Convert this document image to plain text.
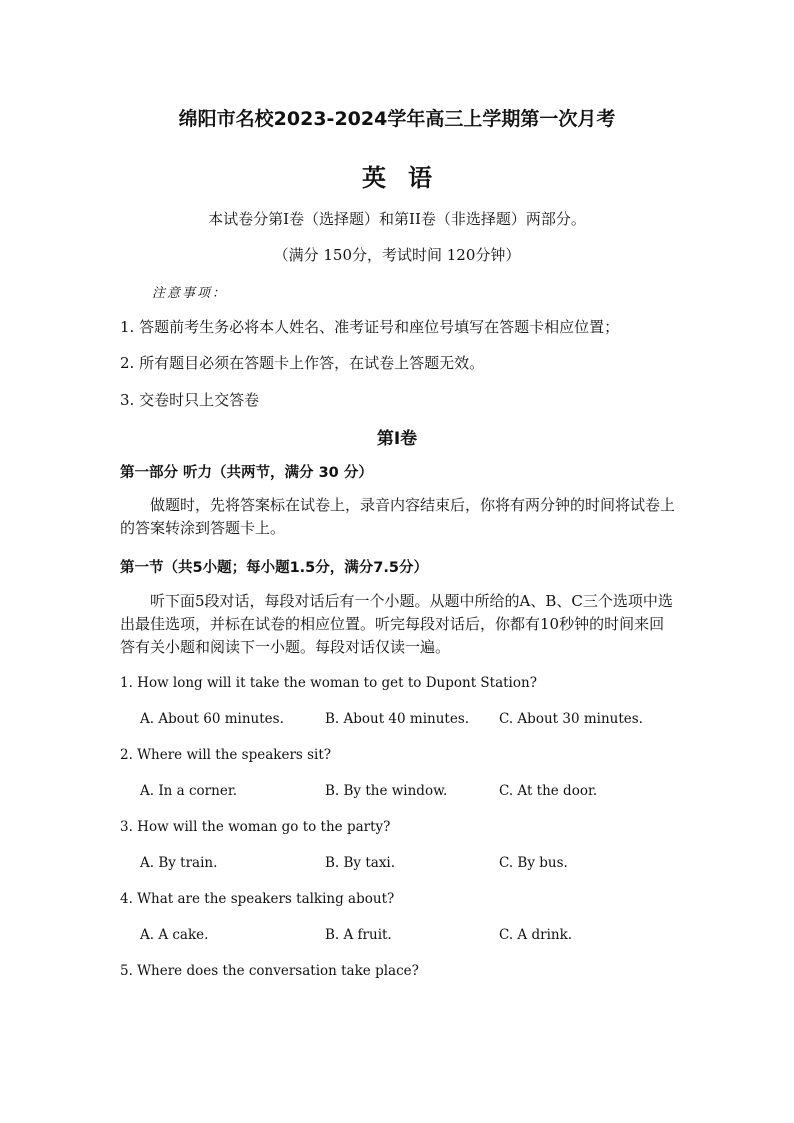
绵阳市名校2023-2024学年高三上学期第一次月考
英语
本试卷分第I卷（选择题）和第II卷（非选择题）两部分。
（满分 150分，考试时间 120分钟）
注意事项：
1. 答题前考生务必将本人姓名、准考证号和座位号填写在答题卡相应位置；
2. 所有题目必须在答题卡上作答，在试卷上答题无效。
3. 交卷时只上交答卷
第I卷
第一部分 听力（共两节，满分 30 分）
做题时，先将答案标在试卷上，录音内容结束后，你将有两分钟的时间将试卷上的答案转涂到答题卡上。
第一节（共5小题；每小题1.5分，满分7.5分）
听下面5段对话，每段对话后有一个小题。从题中所给的A、B、C三个选项中选出最佳选项，并标在试卷的相应位置。听完每段对话后，你都有10秒钟的时间来回答有关小题和阅读下一小题。每段对话仅读一遍。
1. How long will it take the woman to get to Dupont Station?
A. About 60 minutes.	B. About 40 minutes. C. About 30 minutes.
2. Where will the speakers sit?
A. In a corner.	B. By the window.	C. At the door.
3. How will the woman go to the party?
A. By train.	B. By taxi.	C. By bus.
4. What are the speakers talking about?
A. A cake.	B. A fruit.	C. A drink.
5. Where does the conversation take place?
